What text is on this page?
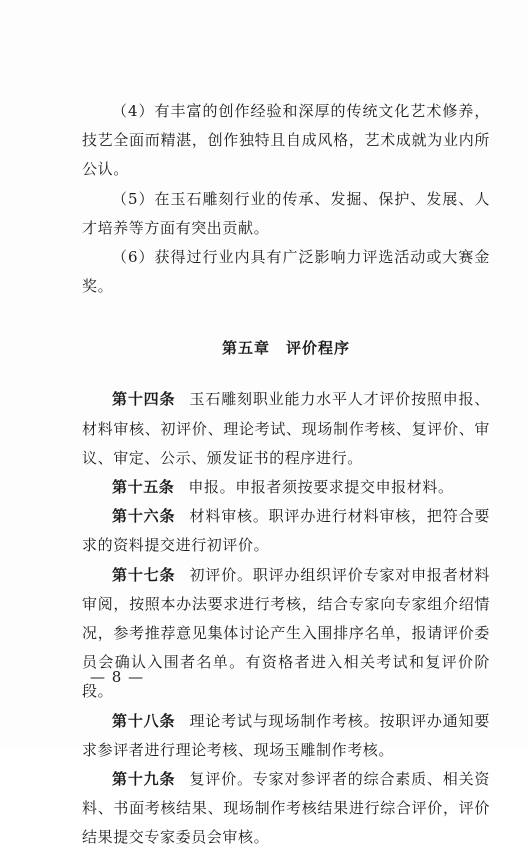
（4）有丰富的创作经验和深厚的传统文化艺术修养，技艺全面而精湛，创作独特且自成风格，艺术成就为业内所公认。

（5）在玉石雕刻行业的传承、发掘、保护、发展、人才培养等方面有突出贡献。

（6）获得过行业内具有广泛影响力评选活动或大赛金奖。

第五章 评价程序

第十四条 玉石雕刻职业能力水平人才评价按照申报、材料审核、初评价、理论考试、现场制作考核、复评价、审议、审定、公示、颁发证书的程序进行。

第十五条 申报。申报者须按要求提交申报材料。

第十六条 材料审核。职评办进行材料审核，把符合要求的资料提交进行初评价。

第十七条 初评价。职评办组织评价专家对申报者材料审阅，按照本办法要求进行考核，结合专家向专家组介绍情况，参考推荐意见集体讨论产生入围排序名单，报请评价委员会确认入围者名单。有资格者进入相关考试和复评价阶段。

第十八条 理论考试与现场制作考核。按职评办通知要求参评者进行理论考核、现场玉雕制作考核。

第十九条 复评价。专家对参评者的综合素质、相关资料、书面考核结果、现场制作考核结果进行综合评价，评价结果提交专家委员会审核。

— 8 —
